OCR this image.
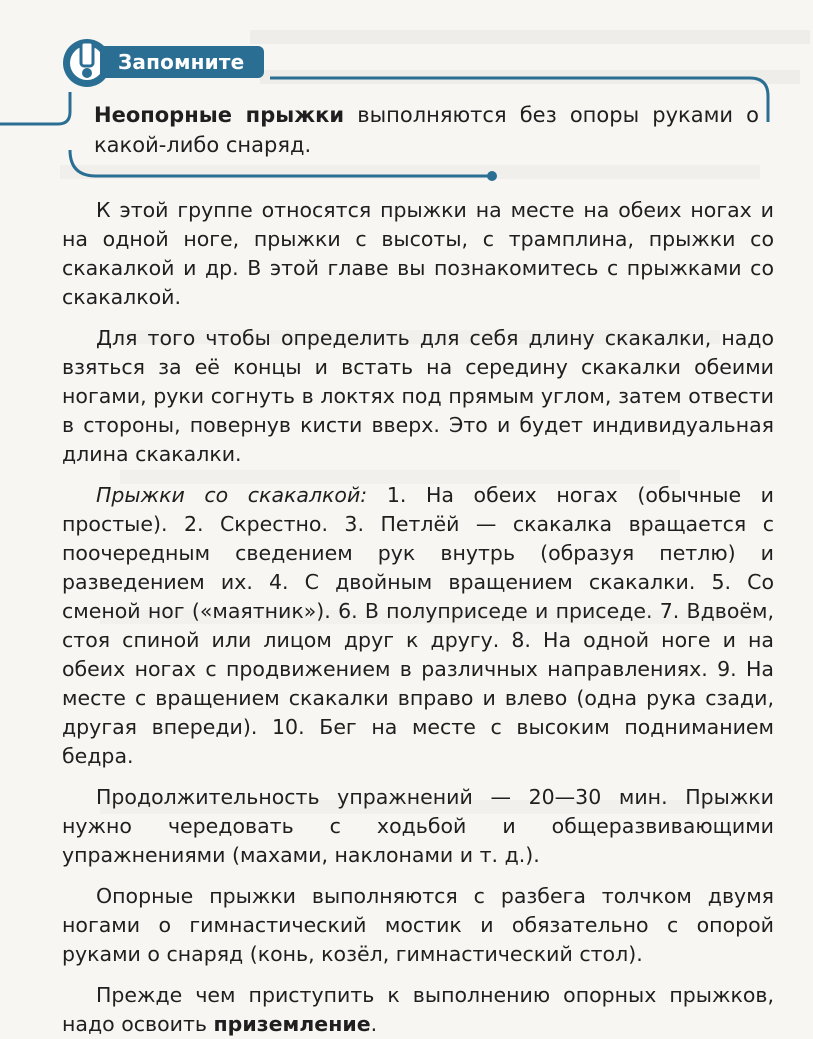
Запомните
Неопорные прыжки выполняются без опоры руками о какой-либо снаряд.

К этой группе относятся прыжки на месте на обеих ногах и на одной ноге, прыжки с высоты, с трамплина, прыжки со скакалкой и др. В этой главе вы познакомитесь с прыжками со скакалкой.

Для того чтобы определить для себя длину скакалки, надо взяться за её концы и встать на середину скакалки обеими ногами, руки согнуть в локтях под прямым углом, затем отвести в стороны, повернув кисти вверх. Это и будет индивидуальная длина скакалки.

Прыжки со скакалкой: 1. На обеих ногах (обычные и простые). 2. Скрестно. 3. Петлёй — скакалка вращается с поочередным сведением рук внутрь (образуя петлю) и разведением их. 4. С двойным вращением скакалки. 5. Со сменой ног («маятник»). 6. В полуприседе и приседе. 7. Вдвоём, стоя спиной или лицом друг к другу. 8. На одной ноге и на обеих ногах с продвижением в различных направлениях. 9. На месте с вращением скакалки вправо и влево (одна рука сзади, другая впереди). 10. Бег на месте с высоким подниманием бедра.

Продолжительность упражнений — 20—30 мин. Прыжки нужно чередовать с ходьбой и общеразвивающими упражнениями (махами, наклонами и т. д.).

Опорные прыжки выполняются с разбега толчком двумя ногами о гимнастический мостик и обязательно с опорой руками о снаряд (конь, козёл, гимнастический стол).

Прежде чем приступить к выполнению опорных прыжков, надо освоить приземление.
